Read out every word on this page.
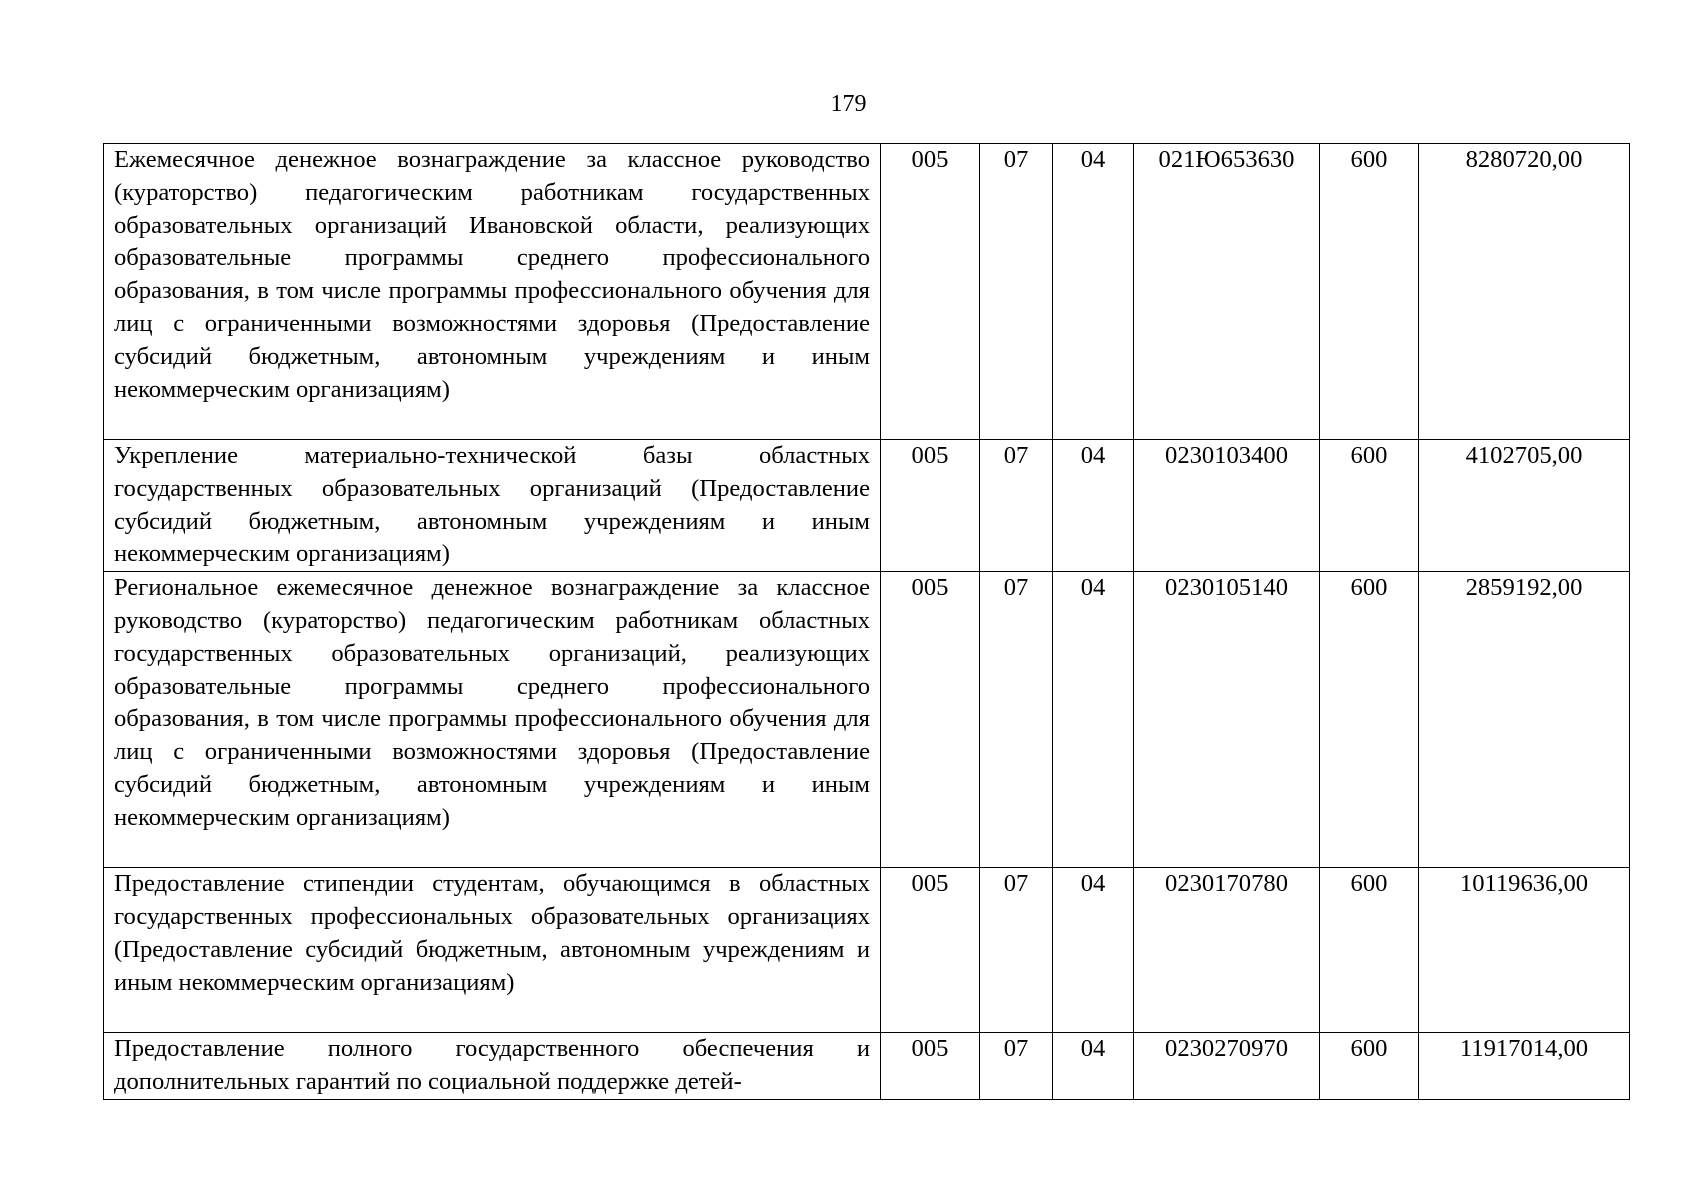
179
Ежемесячное денежное вознаграждение за классное руководство (кураторство) педагогическим работникам государственных образовательных организаций Ивановской области, реализующих образовательные программы среднего профессионального образования, в том числе программы профессионального обучения для лиц с ограниченными возможностями здоровья (Предоставление субсидий бюджетным, автономным учреждениям и иным некоммерческим организациям)	005	07	04	021Ю653630	600	8280720,00
Укрепление материально-технической базы областных государственных образовательных организаций (Предоставление субсидий бюджетным, автономным учреждениям и иным некоммерческим организациям)	005	07	04	0230103400	600	4102705,00
Региональное ежемесячное денежное вознаграждение за классное руководство (кураторство) педагогическим работникам областных государственных образовательных организаций, реализующих образовательные программы среднего профессионального образования, в том числе программы профессионального обучения для лиц с ограниченными возможностями здоровья (Предоставление субсидий бюджетным, автономным учреждениям и иным некоммерческим организациям)	005	07	04	0230105140	600	2859192,00
Предоставление стипендии студентам, обучающимся в областных государственных профессиональных образовательных организациях (Предоставление субсидий бюджетным, автономным учреждениям и иным некоммерческим организациям)	005	07	04	0230170780	600	10119636,00
Предоставление полного государственного обеспечения и дополнительных гарантий по социальной поддержке детей-	005	07	04	0230270970	600	11917014,00
